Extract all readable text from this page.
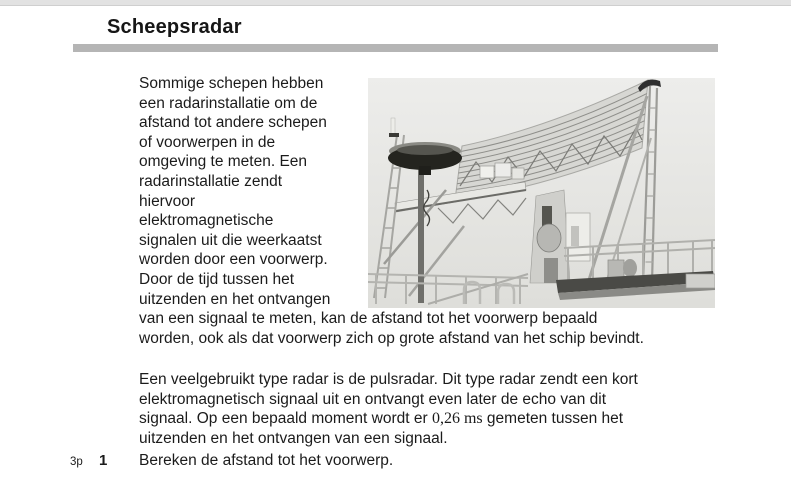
Scheepsradar
Sommige schepen hebben
een radarinstallatie om de
afstand tot andere schepen
of voorwerpen in de
omgeving te meten. Een
radarinstallatie zendt
hiervoor
elektromagnetische
signalen uit die weerkaatst
worden door een voorwerp.
Door de tijd tussen het
uitzenden en het ontvangen
van een signaal te meten, kan de afstand tot het voorwerp bepaald
worden, ook als dat voorwerp zich op grote afstand van het schip bevindt.
Een veelgebruikt type radar is de pulsradar. Dit type radar zendt een kort
elektromagnetisch signaal uit en ontvangt even later de echo van dit
signaal. Op een bepaald moment wordt er 0,26 ms gemeten tussen het
uitzenden en het ontvangen van een signaal.
3p 1 Bereken de afstand tot het voorwerp.
